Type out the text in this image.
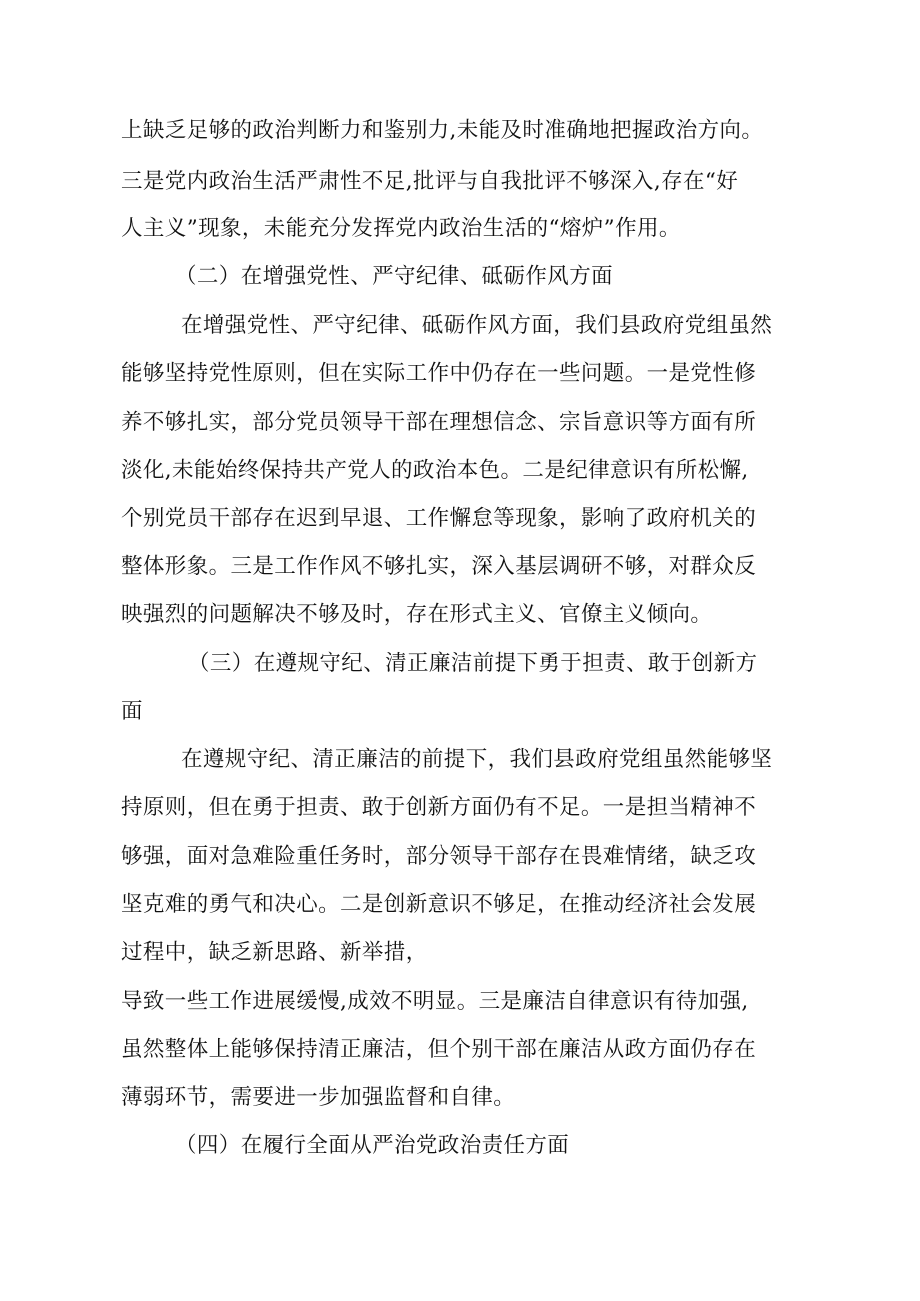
上缺乏足够的政治判断力和鉴别力,未能及时准确地把握政治方向。
三是党内政治生活严肃性不足,批评与自我批评不够深入,存在“好
人主义”现象，未能充分发挥党内政治生活的“熔炉”作用。
（二）在增强党性、严守纪律、砥砺作风方面
在增强党性、严守纪律、砥砺作风方面，我们县政府党组虽然
能够坚持党性原则，但在实际工作中仍存在一些问题。一是党性修
养不够扎实，部分党员领导干部在理想信念、宗旨意识等方面有所
淡化,未能始终保持共产党人的政治本色。二是纪律意识有所松懈,
个别党员干部存在迟到早退、工作懈怠等现象，影响了政府机关的
整体形象。三是工作作风不够扎实，深入基层调研不够，对群众反
映强烈的问题解决不够及时，存在形式主义、官僚主义倾向。
（三）在遵规守纪、清正廉洁前提下勇于担责、敢于创新方
面
在遵规守纪、清正廉洁的前提下，我们县政府党组虽然能够坚
持原则，但在勇于担责、敢于创新方面仍有不足。一是担当精神不
够强，面对急难险重任务时，部分领导干部存在畏难情绪，缺乏攻
坚克难的勇气和决心。二是创新意识不够足，在推动经济社会发展
过程中，缺乏新思路、新举措，
导致一些工作进展缓慢,成效不明显。三是廉洁自律意识有待加强,
虽然整体上能够保持清正廉洁，但个别干部在廉洁从政方面仍存在
薄弱环节，需要进一步加强监督和自律。
（四）在履行全面从严治党政治责任方面
